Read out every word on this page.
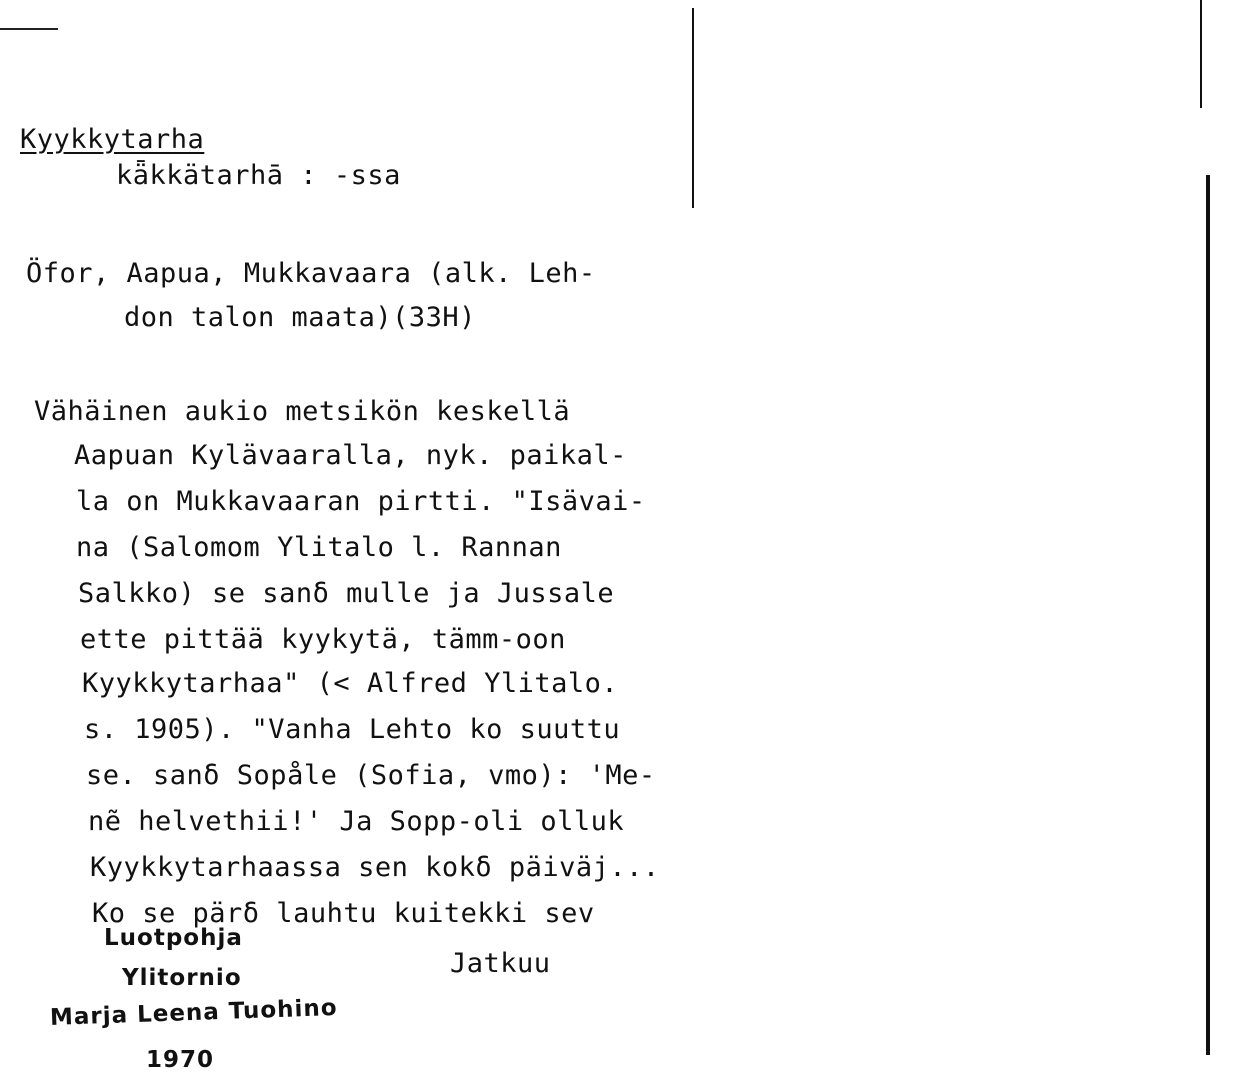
Kyykkytarha
kǟkkätarhā : -ssa
Öfor, Aapua, Mukkavaara (alk. Leh-
don talon maata)(33H)
Vähäinen aukio metsikön keskellä
Aapuan Kylävaaralla, nyk. paikal-
la on Mukkavaaran pirtti. "Isävai-
na (Salomom Ylitalo l. Rannan
Salkko) se sanδ mulle ja Jussale
ette pittää kyykytä, tämm-oon
Kyykkytarhaa" (< Alfred Ylitalo.
s. 1905). "Vanha Lehto ko suuttu
se. sanδ Sopåle (Sofia, vmo): 'Me-
nẽ helvethii!' Ja Sopp-oli olluk
Kyykkytarhaassa sen kokδ päiväj...
Ko se pärδ lauhtu kuitekki sev
Jatkuu
Luotpohja
Ylitornio
Marja Leena Tuohino
1970
